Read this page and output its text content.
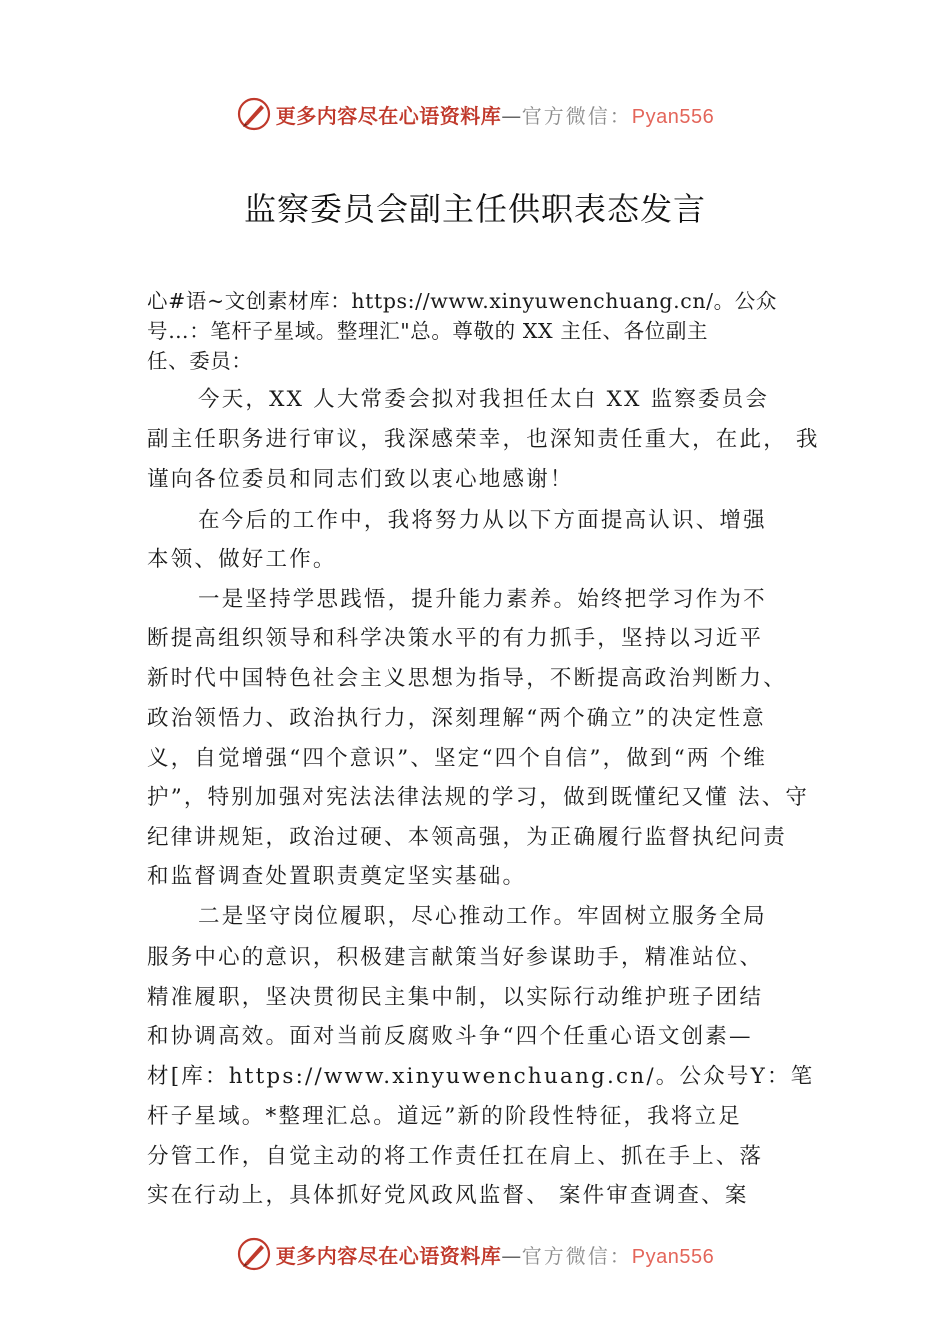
更多内容尽在心语资料库—官方微信：Pyan556
监察委员会副主任供职表态发言

心#语~文创素材库：https://www.xinyuwenchuang.cn/。公众

号…：笔杆子星域。整理汇"总。尊敬的 XX 主任、各位副主

任、委员：

今天，XX 人大常委会拟对我担任太白 XX 监察委员会

副主任职务进行审议，我深感荣幸，也深知责任重大，在此， 我

谨向各位委员和同志们致以衷心地感谢！

在今后的工作中，我将努力从以下方面提高认识、增强

本领、做好工作。

一是坚持学思践悟，提升能力素养。始终把学习作为不

断提高组织领导和科学决策水平的有力抓手，坚持以习近平

新时代中国特色社会主义思想为指导，不断提高政治判断力、

政治领悟力、政治执行力，深刻理解“两个确立”的决定性意

义，自觉增强“四个意识”、坚定“四个自信”，做到“两 个维

护”，特别加强对宪法法律法规的学习，做到既懂纪又懂 法、守

纪律讲规矩，政治过硬、本领高强，为正确履行监督执纪问责

和监督调查处置职责奠定坚实基础。

二是坚守岗位履职，尽心推动工作。牢固树立服务全局

服务中心的意识，积极建言献策当好参谋助手，精准站位、

精准履职，坚决贯彻民主集中制，以实际行动维护班子团结

和协调高效。面对当前反腐败斗争“四个任重心语文创素—

材[库：https://www.xinyuwenchuang.cn/。公众号Y：笔

杆子星域。*整理汇总。道远”新的阶段性特征，我将立足

分管工作，自觉主动的将工作责任扛在肩上、抓在手上、落

实在行动上，具体抓好党风政风监督、 案件审查调查、案

更多内容尽在心语资料库—官方微信：Pyan556
